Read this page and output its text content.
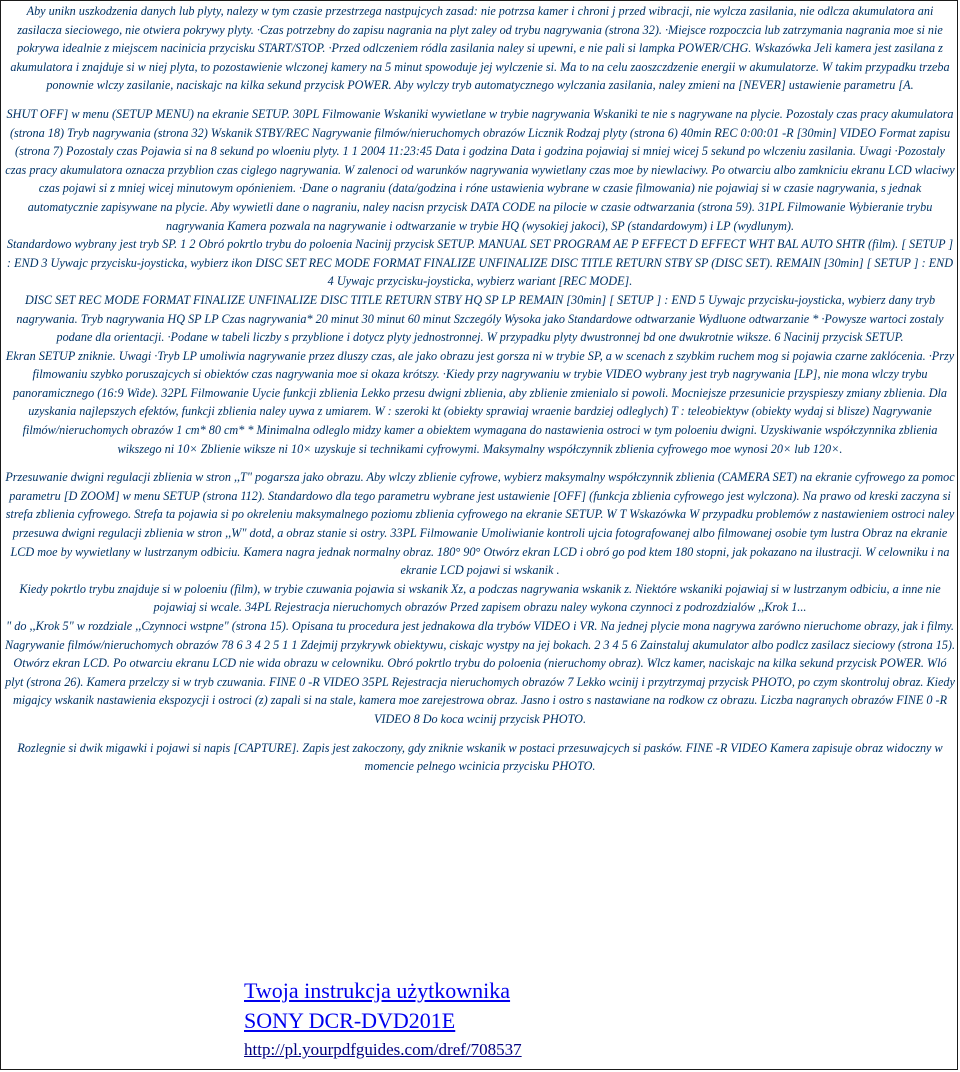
Aby unikn uszkodzenia danych lub plyty, nalezy w tym czasie przestrzega nastpujcych zasad: nie potrzsa kamer i chroni j przed wibracji, nie wylcza zasilania, nie odlcza akumulatora ani zasilacza sieciowego, nie otwiera pokrywy plyty. ·Czas potrzebny do zapisu nagrania na plyt zaley od trybu nagrywania (strona 32). ·Miejsce rozpoczcia lub zatrzymania nagrania moe si nie pokrywa idealnie z miejscem nacinicia przycisku START/STOP. ·Przed odlczeniem ródla zasilania naley si upewni, e nie pali si lampka POWER/CHG. Wskazówka Jeli kamera jest zasilana z akumulatora i znajduje si w niej plyta, to pozostawienie wlczonej kamery na 5 minut spowoduje jej wylczenie si. Ma to na celu zaoszczdzenie energii w akumulatorze. W takim przypadku trzeba ponownie wlczy zasilanie, naciskajc na kilka sekund przycisk POWER. Aby wylczy tryb automatycznego wylczania zasilania, naley zmieni na [NEVER] ustawienie parametru [A.

SHUT OFF] w menu (SETUP MENU) na ekranie SETUP. 30PL Filmowanie Wskaniki wywietlane w trybie nagrywania Wskaniki te nie s nagrywane na plycie. Pozostaly czas pracy akumulatora (strona 18) Tryb nagrywania (strona 32) Wskanik STBY/REC Nagrywanie filmów/nieruchomych obrazów Licznik Rodzaj plyty (strona 6) 40min REC 0:00:01 -R [30min] VIDEO Format zapisu (strona 7) Pozostaly czas Pojawia si na 8 sekund po wloeniu plyty. 1 1 2004 11:23:45 Data i godzina Data i godzina pojawiaj si mniej wicej 5 sekund po wlczeniu zasilania. Uwagi ·Pozostaly czas pracy akumulatora oznacza przyblion czas ciglego nagrywania. W zalenoci od warunków nagrywania wywietlany czas moe by niewlaciwy. Po otwarciu albo zamkniciu ekranu LCD wlaciwy czas pojawi si z mniej wicej minutowym opónieniem. ·Dane o nagraniu (data/godzina i róne ustawienia wybrane w czasie filmowania) nie pojawiaj si w czasie nagrywania, s jednak automatycznie zapisywane na plycie. Aby wywietli dane o nagraniu, naley nacisn przycisk DATA CODE na pilocie w czasie odtwarzania (strona 59). 31PL Filmowanie Wybieranie trybu nagrywania Kamera pozwala na nagrywanie i odtwarzanie w trybie HQ (wysokiej jakoci), SP (standardowym) i LP (wydlunym).

Standardowo wybrany jest tryb SP. 1 2 Obró pokrtlo trybu do poloenia Nacinij przycisk SETUP. MANUAL SET PROGRAM AE P EFFECT D EFFECT WHT BAL AUTO SHTR (film). [ SETUP ] : END 3 Uywajc przycisku-joysticka, wybierz ikon DISC SET REC MODE FORMAT FINALIZE UNFINALIZE DISC TITLE RETURN STBY SP (DISC SET). REMAIN [30min] [ SETUP ] : END 4 Uywajc przycisku-joysticka, wybierz wariant [REC MODE].

DISC SET REC MODE FORMAT FINALIZE UNFINALIZE DISC TITLE RETURN STBY HQ SP LP REMAIN [30min] [ SETUP ] : END 5 Uywajc przycisku-joysticka, wybierz dany tryb nagrywania. Tryb nagrywania HQ SP LP Czas nagrywania* 20 minut 30 minut 60 minut Szczególy Wysoka jako Standardowe odtwarzanie Wydluone odtwarzanie * ·Powysze wartoci zostaly podane dla orientacji. ·Podane w tabeli liczby s przyblione i dotycz plyty jednostronnej. W przypadku plyty dwustronnej bd one dwukrotnie wiksze. 6 Nacinij przycisk SETUP.

Ekran SETUP zniknie. Uwagi ·Tryb LP umoliwia nagrywanie przez dluszy czas, ale jako obrazu jest gorsza ni w trybie SP, a w scenach z szybkim ruchem mog si pojawia czarne zaklócenia. ·Przy filmowaniu szybko poruszajcych si obiektów czas nagrywania moe si okaza krótszy. ·Kiedy przy nagrywaniu w trybie VIDEO wybrany jest tryb nagrywania [LP], nie mona wlczy trybu panoramicznego (16:9 Wide). 32PL Filmowanie Uycie funkcji zblienia Lekko przesu dwigni zblienia, aby zblienie zmienialo si powoli. Mocniejsze przesunicie przyspieszy zmiany zblienia. Dla uzyskania najlepszych efektów, funkcji zblienia naley uywa z umiarem. W : szeroki kt (obiekty sprawiaj wraenie bardziej odleglych) T : teleobiektyw (obiekty wydaj si blisze) Nagrywanie filmów/nieruchomych obrazów 1 cm* 80 cm* * Minimalna odleglo midzy kamer a obiektem wymagana do nastawienia ostroci w tym poloeniu dwigni. Uzyskiwanie współczynnika zblienia wikszego ni 10× Zblienie wiksze ni 10× uzyskuje si technikami cyfrowymi. Maksymalny współczynnik zblienia cyfrowego moe wynosi 20× lub 120×.

Przesuwanie dwigni regulacji zblienia w stron ,,T" pogarsza jako obrazu. Aby wlczy zblienie cyfrowe, wybierz maksymalny współczynnik zblienia (CAMERA SET) na ekranie cyfrowego za pomoc parametru [D ZOOM] w menu SETUP (strona 112). Standardowo dla tego parametru wybrane jest ustawienie [OFF] (funkcja zblienia cyfrowego jest wylczona). Na prawo od kreski zaczyna si strefa zblienia cyfrowego. Strefa ta pojawia si po okreleniu maksymalnego poziomu zblienia cyfrowego na ekranie SETUP. W T Wskazówka W przypadku problemów z nastawieniem ostroci naley przesuwa dwigni regulacji zblienia w stron ,,W" dotd, a obraz stanie si ostry. 33PL Filmowanie Umoliwianie kontroli ujcia fotografowanej albo filmowanej osobie tym lustra Obraz na ekranie LCD moe by wywietlany w lustrzanym odbiciu. Kamera nagra jednak normalny obraz. 180° 90° Otwórz ekran LCD i obró go pod ktem 180 stopni, jak pokazano na ilustracji. W celowniku i na ekranie LCD pojawi si wskanik .

Kiedy pokrtlo trybu znajduje si w poloeniu (film), w trybie czuwania pojawia si wskanik Xz, a podczas nagrywania wskanik z. Niektóre wskaniki pojawiaj si w lustrzanym odbiciu, a inne nie pojawiaj si wcale. 34PL Rejestracja nieruchomych obrazów Przed zapisem obrazu naley wykona czynnoci z podrozdzialów ,,Krok 1...

" do ,,Krok 5" w rozdziale ,,Czynnoci wstpne" (strona 15). Opisana tu procedura jest jednakowa dla trybów VIDEO i VR. Na jednej plycie mona nagrywa zarówno nieruchome obrazy, jak i filmy. Nagrywanie filmów/nieruchomych obrazów 78 6 3 4 2 5 1 1 Zdejmij przykrywk obiektywu, ciskajc wystpy na jej bokach. 2 3 4 5 6 Zainstaluj akumulator albo podlcz zasilacz sieciowy (strona 15).

Otwórz ekran LCD. Po otwarciu ekranu LCD nie wida obrazu w celowniku. Obró pokrtlo trybu do poloenia (nieruchomy obraz). Wlcz kamer, naciskajc na kilka sekund przycisk POWER. Wló plyt (strona 26). Kamera przelczy si w tryb czuwania. FINE 0 -R VIDEO 35PL Rejestracja nieruchomych obrazów 7 Lekko wcinij i przytrzymaj przycisk PHOTO, po czym skontroluj obraz. Kiedy migajcy wskanik nastawienia ekspozycji i ostroci (z) zapali si na stale, kamera moe zarejestrowa obraz. Jasno i ostro s nastawiane na rodkow cz obrazu. Liczba nagranych obrazów FINE 0 -R VIDEO 8 Do koca wcinij przycisk PHOTO.

Rozlegnie si dwik migawki i pojawi si napis [CAPTURE]. Zapis jest zakoczony, gdy zniknie wskanik w postaci przesuwajcych si pasków. FINE -R VIDEO Kamera zapisuje obraz widoczny w momencie pelnego wcinicia przycisku PHOTO.

Twoja instrukcja użytkownika
SONY DCR-DVD201E
http://pl.yourpdfguides.com/dref/708537
